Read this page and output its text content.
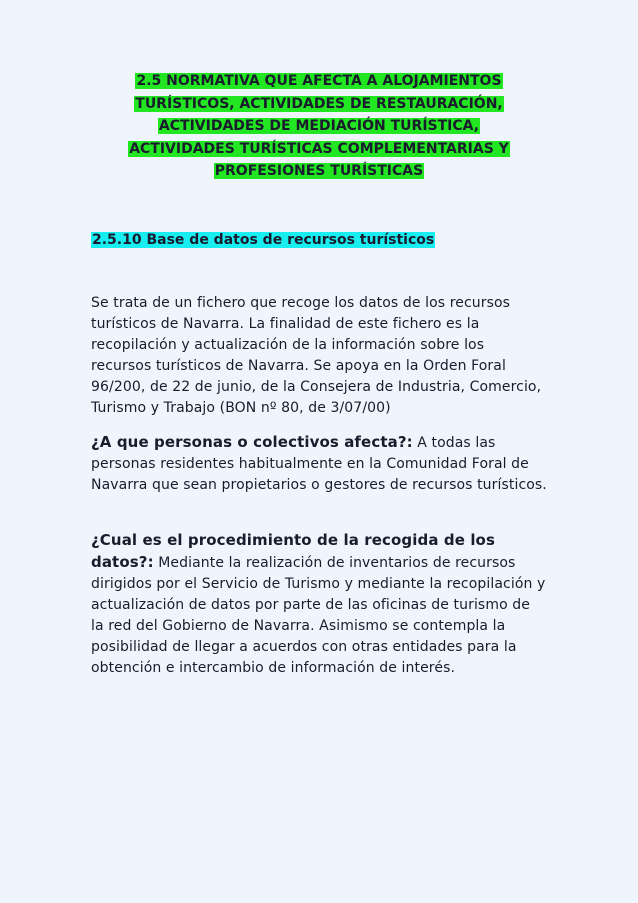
2.5 NORMATIVA QUE AFECTA A ALOJAMIENTOS
TURÍSTICOS, ACTIVIDADES DE RESTAURACIÓN,
ACTIVIDADES DE MEDIACIÓN TURÍSTICA,
ACTIVIDADES TURÍSTICAS COMPLEMENTARIAS Y
PROFESIONES TURÍSTICAS
2.5.10 Base de datos de recursos turísticos

Se trata de un fichero que recoge los datos de los recursos turísticos de Navarra. La finalidad de este fichero es la recopilación y actualización de la información sobre los recursos turísticos de Navarra. Se apoya en la Orden Foral 96/200, de 22 de junio, de la Consejera de Industria, Comercio, Turismo y Trabajo (BON nº 80, de 3/07/00)

¿A que personas o colectivos afecta?: A todas las personas residentes habitualmente en la Comunidad Foral de Navarra que sean propietarios o gestores de recursos turísticos.

¿Cual es el procedimiento de la recogida de los datos?: Mediante la realización de inventarios de recursos dirigidos por el Servicio de Turismo y mediante la recopilación y actualización de datos por parte de las oficinas de turismo de la red del Gobierno de Navarra. Asimismo se contempla la posibilidad de llegar a acuerdos con otras entidades para la obtención e intercambio de información de interés.
